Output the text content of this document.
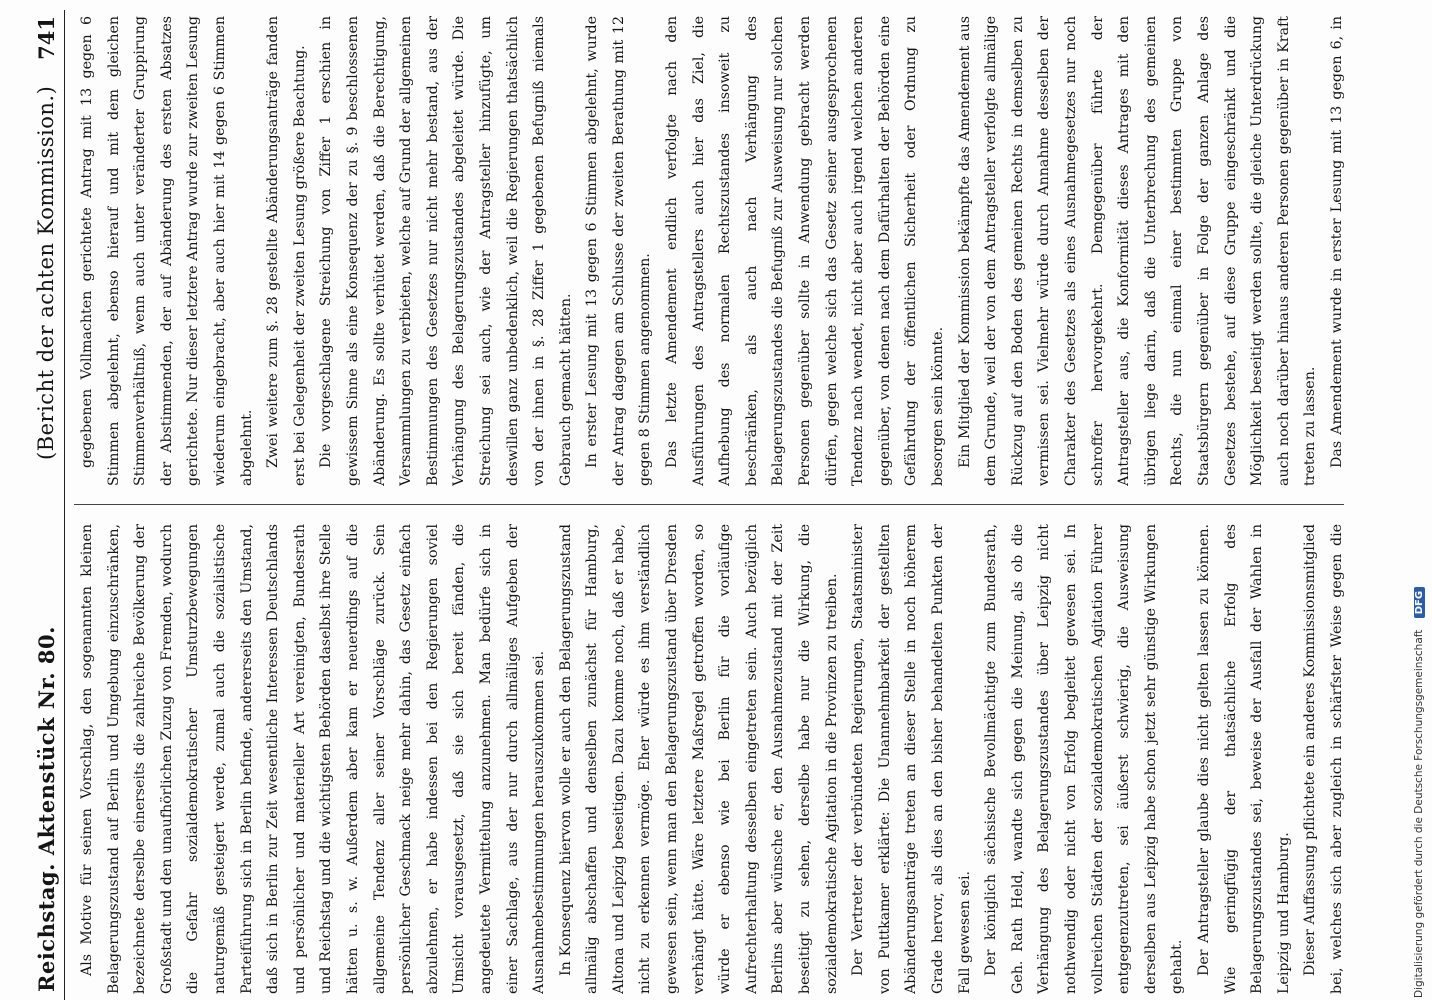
Reichstag. Aktenstück Nr. 80.
(Bericht der achten Kommission.)
741

Als Motive für seinen Vorschlag, den sogenannten kleinen Belagerungszustand auf Berlin und Umgebung einzuschränken, bezeichnete derselbe einerseits die zahlreiche Bevölkerung der Großstadt und den unaufhörlichen Zuzug von Fremden, wodurch die Gefahr sozialdemokratischer Umsturzbewegungen naturgemäß gesteigert werde, zumal auch die sozialistische Parteiführung sich in Berlin befinde, andererseits den Umstand, daß sich in Berlin zur Zeit wesentliche Interessen Deutschlands und persönlicher und materieller Art vereinigten, Bundesrath und Reichstag und die wichtigsten Behörden daselbst ihre Stelle hätten u. s. w. Außerdem aber kam er neuerdings auf die allgemeine Tendenz aller seiner Vorschläge zurück. Sein persönlicher Geschmack neige mehr dahin, das Gesetz einfach abzulehnen, er habe indessen bei den Regierungen soviel Umsicht vorausgesetzt, daß sie sich bereit fänden, die angedeutete Vermittelung anzunehmen. Man bedürfe sich in einer Sachlage, aus der nur durch allmäliges Aufgeben der Ausnahmebestimmungen herauszukommen sei. In Konsequenz hiervon wolle er auch den Belagerungszustand allmälig abschaffen und denselben zunächst für Hamburg, Altona und Leipzig beseitigen. Dazu komme noch, daß er habe, nicht zu erkennen vermöge. Eher würde es ihm verständlich gewesen sein, wenn man den Belagerungszustand über Dresden verhängt hätte. Wäre letztere Maßregel getroffen worden, so würde er ebenso wie bei Berlin für die vorläufige Aufrechterhaltung desselben eingetreten sein. Auch bezüglich Berlins aber wünsche er, den Ausnahmezustand mit der Zeit beseitigt zu sehen, derselbe habe nur die Wirkung, die sozialdemokratische Agitation in die Provinzen zu treiben. Der Vertreter der verbündeten Regierungen, Staatsminister von Puttkamer erklärte: Die Unannehmbarkeit der gestellten Abänderungsanträge treten an dieser Stelle in noch höherem Grade hervor, als dies an den bisher behandelten Punkten der Fall gewesen sei. Der königlich sächsische Bevollmächtigte zum Bundesrath, Geh. Rath Held, wandte sich gegen die Meinung, als ob die Verhängung des Belagerungszustandes über Leipzig nicht nothwendig oder nicht von Erfolg begleitet gewesen sei. In vollreichen Städten der sozialdemokratischen Agitation Führer entgegenzutreten, sei äußerst schwierig, die Ausweisung derselben aus Leipzig habe schon jetzt sehr günstige Wirkungen gehabt. Der Antragsteller glaube dies nicht gelten lassen zu können. Wie geringfügig der thatsächliche Erfolg des Belagerungszustandes sei, beweise der Ausfall der Wahlen in Leipzig und Hamburg. Dieser Auffassung pflichtete ein anderes Kommissionsmitglied bei, welches sich aber zugleich in schärfster Weise gegen die

gegebenen Vollmachten gerichtete Antrag mit 13 gegen 6 Stimmen abgelehnt, ebenso hierauf und mit dem gleichen Stimmenverhältniß, wenn auch unter veränderter Gruppirung der Abstimmenden, der auf Abänderung des ersten Absatzes gerichtete. Nur dieser letztere Antrag wurde zur zweiten Lesung wiederum eingebracht, aber auch hier mit 14 gegen 6 Stimmen abgelehnt. Zwei weitere zum §. 28 gestellte Abänderungsanträge fanden erst bei Gelegenheit der zweiten Lesung größere Beachtung. Die vorgeschlagene Streichung von Ziffer 1 erschien in gewissem Sinne als eine Konsequenz der zu §. 9 beschlossenen Abänderung. Es sollte verhütet werden, daß die Berechtigung, Versammlungen zu verbieten, welche auf Grund der allgemeinen Bestimmungen des Gesetzes nur nicht mehr bestand, aus der Verhängung des Belagerungszustandes abgeleitet würde. Die Streichung sei auch, wie der Antragsteller hinzufügte, um deswillen ganz unbedenklich, weil die Regierungen thatsächlich von der ihnen in §. 28 Ziffer 1 gegebenen Befugniß niemals Gebrauch gemacht hätten. In erster Lesung mit 13 gegen 6 Stimmen abgelehnt, wurde der Antrag dagegen am Schlusse der zweiten Berathung mit 12 gegen 8 Stimmen angenommen. Das letzte Amendement endlich verfolgte nach den Ausführungen des Antragstellers auch hier das Ziel, die Aufhebung des normalen Rechtszustandes insoweit zu beschränken, als auch nach Verhängung des Belagerungszustandes die Befugniß zur Ausweisung nur solchen Personen gegenüber sollte in Anwendung gebracht werden dürfen, gegen welche sich das Gesetz seiner ausgesprochenen Tendenz nach wendet, nicht aber auch irgend welchen anderen gegenüber, von denen nach dem Dafürhalten der Behörden eine Gefährdung der öffentlichen Sicherheit oder Ordnung zu besorgen sein könnte. Ein Mitglied der Kommission bekämpfte das Amendement aus dem Grunde, weil der von dem Antragsteller verfolgte allmälige Rückzug auf den Boden des gemeinen Rechts in demselben zu vermissen sei. Vielmehr würde durch Annahme desselben der Charakter des Gesetzes als eines Ausnahmegesetzes nur noch schroffer hervorgekehrt. Demgegenüber führte der Antragsteller aus, die Konformität dieses Antrages mit den übrigen liege darin, daß die Unterbrechung des gemeinen Rechts, die nun einmal einer bestimmten Gruppe von Staatsbürgern gegenüber in Folge der ganzen Anlage des Gesetzes bestehe, auf diese Gruppe eingeschränkt und die Möglichkeit beseitigt werden sollte, die gleiche Unterdrückung auch noch darüber hinaus anderen Personen gegenüber in Kraft treten zu lassen. Das Amendement wurde in erster Lesung mit 13 gegen 6, in

Digitalisierung gefördert durch die Deutsche Forschungsgemeinschaft DFG
